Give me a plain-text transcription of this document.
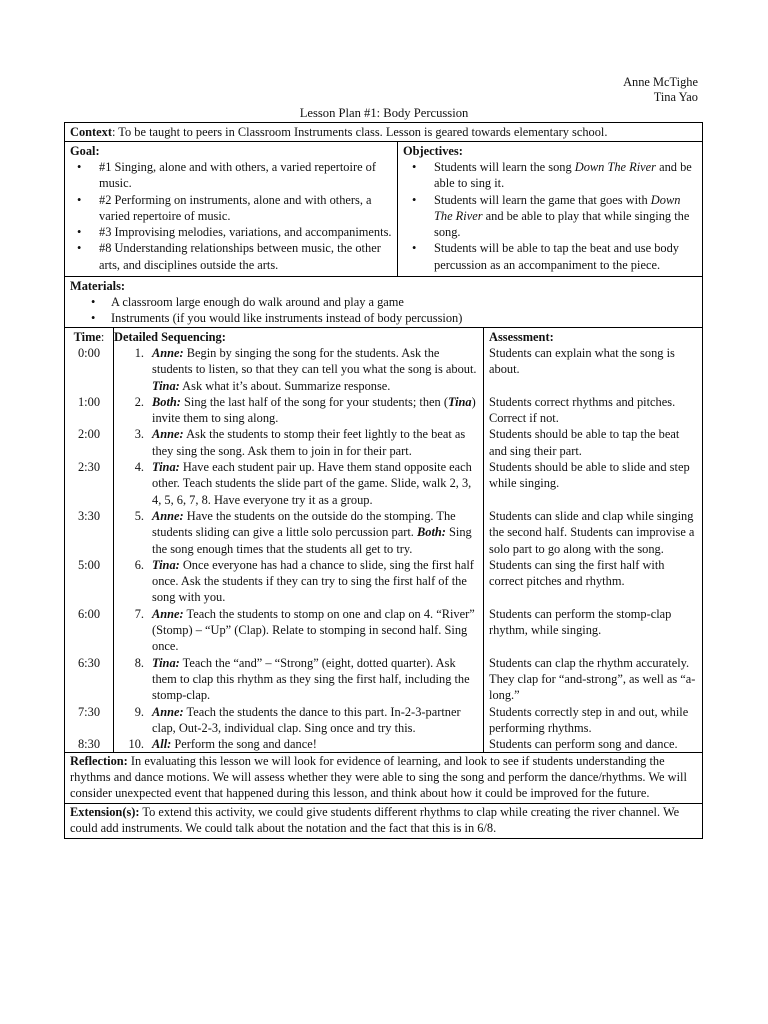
Anne McTighe
Tina Yao
Lesson Plan #1: Body Percussion
Context: To be taught to peers in Classroom Instruments class. Lesson is geared towards elementary school.
Goal:
• #1 Singing, alone and with others, a varied repertoire of music.
• #2 Performing on instruments, alone and with others, a varied repertoire of music.
• #3 Improvising melodies, variations, and accompaniments.
• #8 Understanding relationships between music, the other arts, and disciplines outside the arts.
Objectives:
• Students will learn the song Down The River and be able to sing it.
• Students will learn the game that goes with Down The River and be able to play that while singing the song.
• Students will be able to tap the beat and use body percussion as an accompaniment to the piece.
Materials:
• A classroom large enough do walk around and play a game
• Instruments (if you would like instruments instead of body percussion)
Time:	Detailed Sequencing:	Assessment:
0:00	1. Anne: Begin by singing the song for the students. Ask the students to listen, so that they can tell you what the song is about. Tina: Ask what it’s about. Summarize response.	Students can explain what the song is about.
1:00	2. Both: Sing the last half of the song for your students; then (Tina) invite them to sing along.	Students correct rhythms and pitches. Correct if not.
2:00	3. Anne: Ask the students to stomp their feet lightly to the beat as they sing the song. Ask them to join in for their part.	Students should be able to tap the beat and sing their part.
2:30	4. Tina: Have each student pair up. Have them stand opposite each other. Teach students the slide part of the game. Slide, walk 2, 3, 4, 5, 6, 7, 8. Have everyone try it as a group.	Students should be able to slide and step while singing.
3:30	5. Anne: Have the students on the outside do the stomping. The students sliding can give a little solo percussion part. Both: Sing the song enough times that the students all get to try.	Students can slide and clap while singing the second half. Students can improvise a solo part to go along with the song.
5:00	6. Tina: Once everyone has had a chance to slide, sing the first half once. Ask the students if they can try to sing the first half of the song with you.	Students can sing the first half with correct pitches and rhythm.
6:00	7. Anne: Teach the students to stomp on one and clap on 4. “River” (Stomp) – “Up” (Clap). Relate to stomping in second half. Sing once.	Students can perform the stomp-clap rhythm, while singing.
6:30	8. Tina: Teach the “and” – “Strong” (eight, dotted quarter). Ask them to clap this rhythm as they sing the first half, including the stomp-clap.	Students can clap the rhythm accurately. They clap for “and-strong”, as well as “a-long.”
7:30	9. Anne: Teach the students the dance to this part. In-2-3-partner clap, Out-2-3, individual clap. Sing once and try this.	Students correctly step in and out, while performing rhythms.
8:30	10. All: Perform the song and dance!	Students can perform song and dance.
Reflection: In evaluating this lesson we will look for evidence of learning, and look to see if students understanding the rhythms and dance motions. We will assess whether they were able to sing the song and perform the dance/rhythms. We will consider unexpected event that happened during this lesson, and think about how it could be improved for the future.
Extension(s): To extend this activity, we could give students different rhythms to clap while creating the river channel. We could add instruments. We could talk about the notation and the fact that this is in 6/8.
